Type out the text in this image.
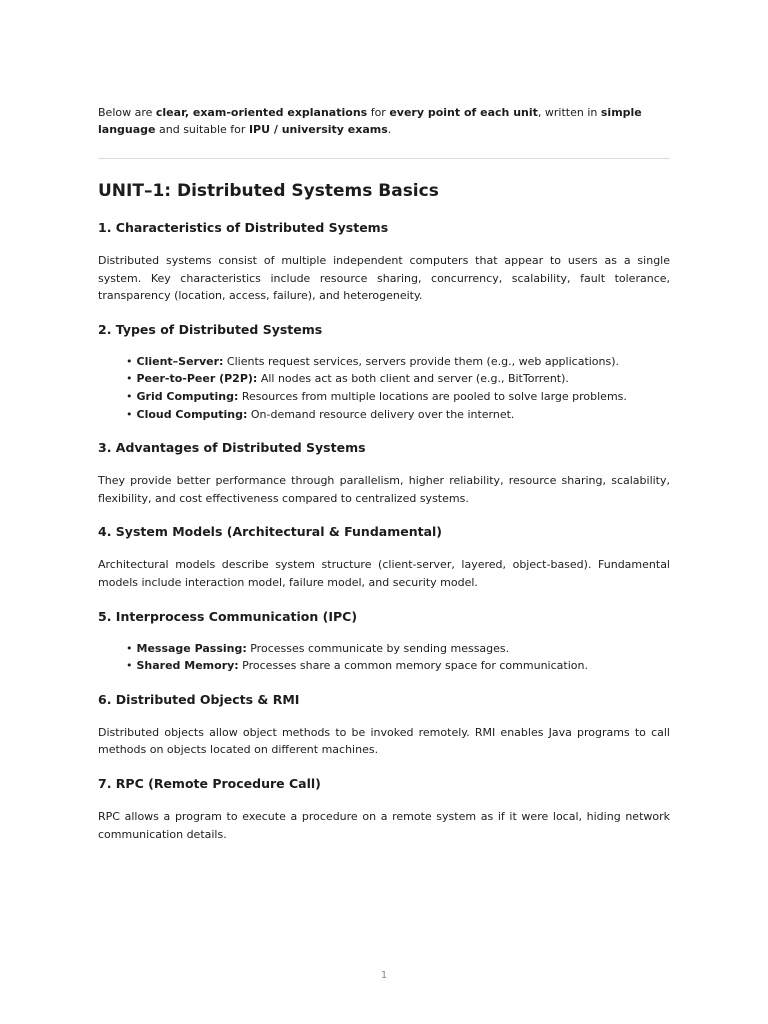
Below are clear, exam-oriented explanations for every point of each unit, written in simple language and suitable for IPU / university exams.

UNIT–1: Distributed Systems Basics
1. Characteristics of Distributed Systems

Distributed systems consist of multiple independent computers that appear to users as a single system. Key characteristics include resource sharing, concurrency, scalability, fault tolerance, transparency (location, access, failure), and heterogeneity.

2. Types of Distributed Systems
• Client–Server: Clients request services, servers provide them (e.g., web applications).
• Peer-to-Peer (P2P): All nodes act as both client and server (e.g., BitTorrent).
• Grid Computing: Resources from multiple locations are pooled to solve large problems.
• Cloud Computing: On-demand resource delivery over the internet.
3. Advantages of Distributed Systems

They provide better performance through parallelism, higher reliability, resource sharing, scalability, flexibility, and cost effectiveness compared to centralized systems.

4. System Models (Architectural & Fundamental)

Architectural models describe system structure (client-server, layered, object-based). Fundamental models include interaction model, failure model, and security model.

5. Interprocess Communication (IPC)
• Message Passing: Processes communicate by sending messages.
• Shared Memory: Processes share a common memory space for communication.
6. Distributed Objects & RMI

Distributed objects allow object methods to be invoked remotely. RMI enables Java programs to call methods on objects located on different machines.

7. RPC (Remote Procedure Call)

RPC allows a program to execute a procedure on a remote system as if it were local, hiding network communication details.

1
